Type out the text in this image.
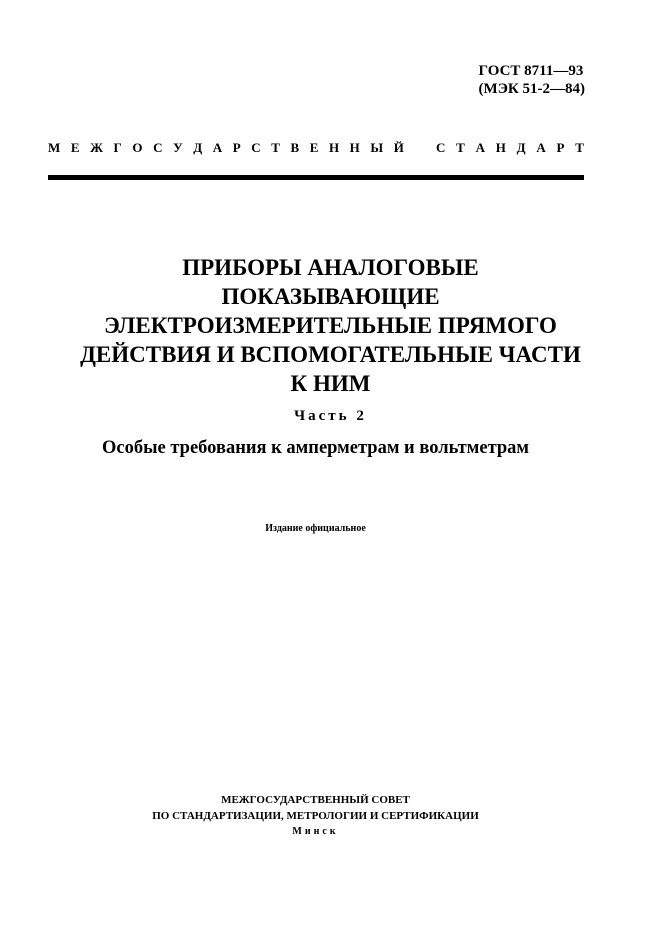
ГОСТ 8711—93
(МЭК 51-2—84)
М Е Ж Г О С У Д А Р С Т В Е Н Н Ы Й С Т А Н Д А Р Т
ПРИБОРЫ АНАЛОГОВЫЕ
ПОКАЗЫВАЮЩИЕ
ЭЛЕКТРОИЗМЕРИТЕЛЬНЫЕ ПРЯМОГО
ДЕЙСТВИЯ И ВСПОМОГАТЕЛЬНЫЕ ЧАСТИ
К НИМ
Часть 2
Особые требования к амперметрам и вольтметрам
Издание официальное
МЕЖГОСУДАРСТВЕННЫЙ СОВЕТ
ПО СТАНДАРТИЗАЦИИ, МЕТРОЛОГИИ И СЕРТИФИКАЦИИ
Минск
